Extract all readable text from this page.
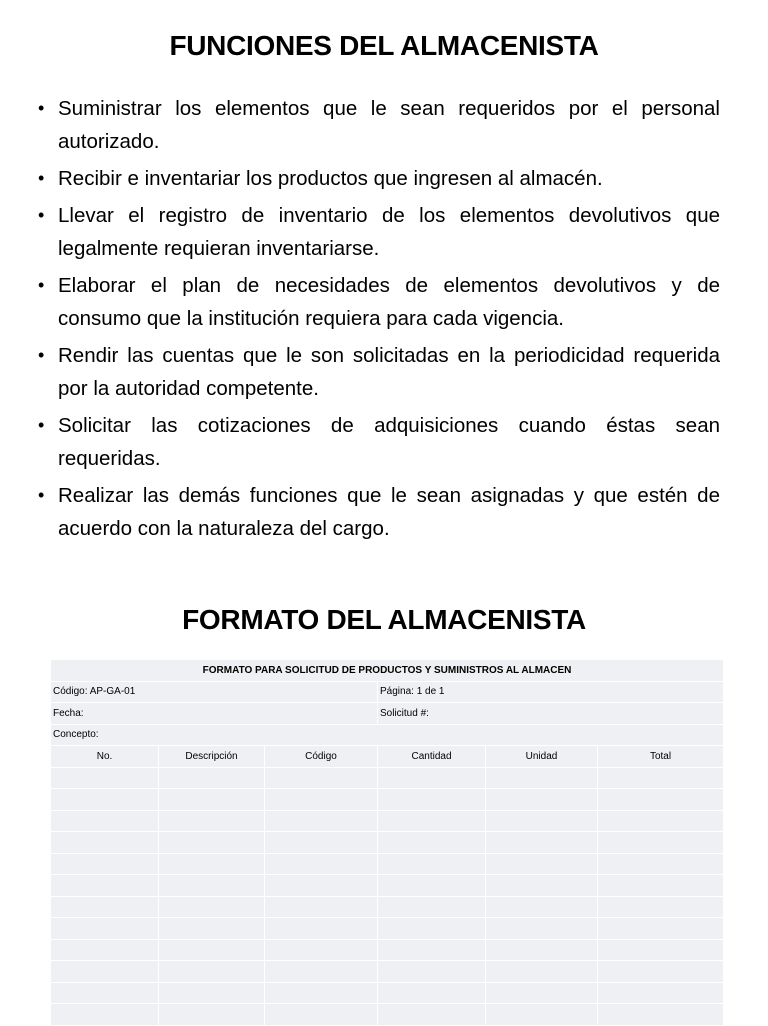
FUNCIONES DEL ALMACENISTA
• Suministrar los elementos que le sean requeridos por el personal autorizado.
• Recibir e inventariar los productos que ingresen al almacén.
• Llevar el registro de inventario de los elementos devolutivos que legalmente requieran inventariarse.
• Elaborar el plan de necesidades de elementos devolutivos y de consumo que la institución requiera para cada vigencia.
• Rendir las cuentas que le son solicitadas en la periodicidad requerida por la autoridad competente.
• Solicitar las cotizaciones de adquisiciones cuando éstas sean requeridas.
• Realizar las demás funciones que le sean asignadas y que estén de acuerdo con la naturaleza del cargo.
FORMATO DEL ALMACENISTA
FORMATO PARA SOLICITUD DE PRODUCTOS Y SUMINISTROS AL ALMACEN					
Código: AP-GA-01			Página: 1 de 1		
Fecha:			Solicitud #:		
Concepto:					
No.	Descripción	Código	Cantidad	Unidad	Total
